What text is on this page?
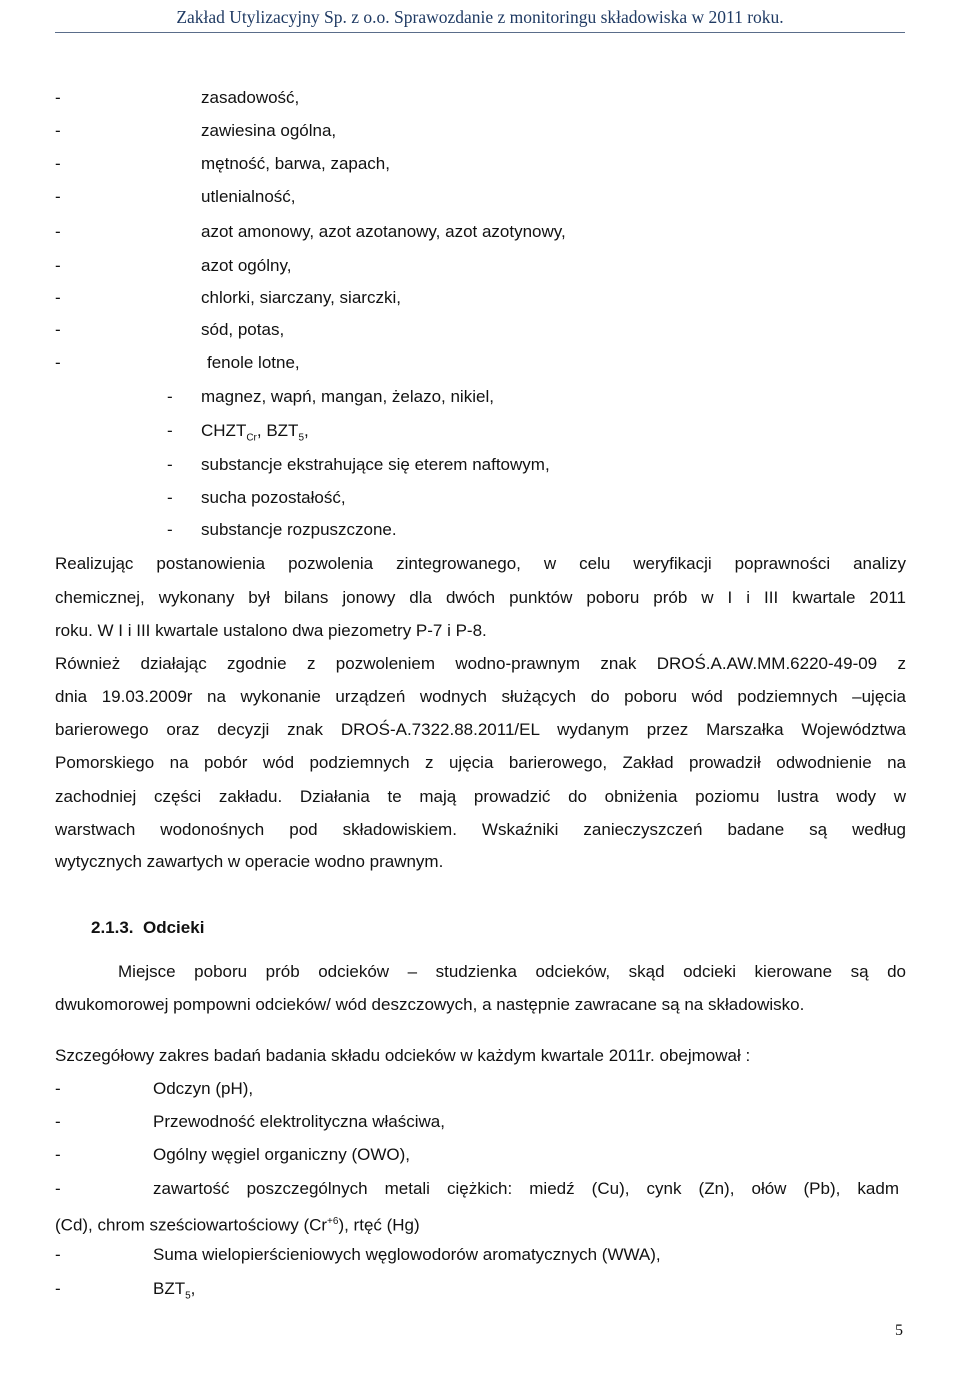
Zakład Utylizacyjny Sp. z o.o. Sprawozdanie z monitoringu składowiska w 2011 roku.
-	zasadowość,
-	zawiesina ogólna,
-	mętność, barwa, zapach,
-	utlenialność,
-	azot amonowy, azot azotanowy, azot azotynowy,
-	azot ogólny,
-	chlorki, siarczany, siarczki,
-	sód, potas,
-	fenole lotne,
- magnez, wapń, mangan, żelazo, nikiel,
- $CHZT_{Cr}$, $BZT_5$,
- substancje ekstrahujące się eterem naftowym,
- sucha pozostałość,
- substancje rozpuszczone.
Realizując postanowienia pozwolenia zintegrowanego, w celu weryfikacji poprawności analizy
chemicznej, wykonany był bilans jonowy dla dwóch punktów poboru prób w I i III kwartale 2011
roku. W I i III kwartale ustalono dwa piezometry P-7 i P-8.
Również działając zgodnie z pozwoleniem wodno-prawnym znak DROŚ.A.AW.MM.6220-49-09 z
dnia 19.03.2009r na wykonanie urządzeń wodnych służących do poboru wód podziemnych –ujęcia
barierowego oraz decyzji znak DROŚ-A.7322.88.2011/EL wydanym przez Marszałka Województwa
Pomorskiego na pobór wód podziemnych z ujęcia barierowego, Zakład prowadził odwodnienie na
zachodniej części zakładu. Działania te mają prowadzić do obniżenia poziomu lustra wody w
warstwach wodonośnych pod składowiskiem. Wskaźniki zanieczyszczeń badane są według
wytycznych zawartych w operacie wodno prawnym.
2.1.3. Odcieki
Miejsce poboru prób odcieków – studzienka odcieków, skąd odcieki kierowane są do
dwukomorowej pompowni odcieków/ wód deszczowych, a następnie zawracane są na składowisko.
Szczegółowy zakres badań badania składu odcieków w każdym kwartale 2011r. obejmował :
-	Odczyn (pH),
-	Przewodność elektrolityczna właściwa,
-	Ogólny węgiel organiczny (OWO),
-	zawartość poszczególnych metali ciężkich: miedź (Cu), cynk (Zn), ołów (Pb), kadm
(Cd), chrom sześciowartościowy $(Cr^{+6})$, rtęć (Hg)
-	Suma wielopierścieniowych węglowodorów aromatycznych (WWA),
-	$BZT_5$,
5
